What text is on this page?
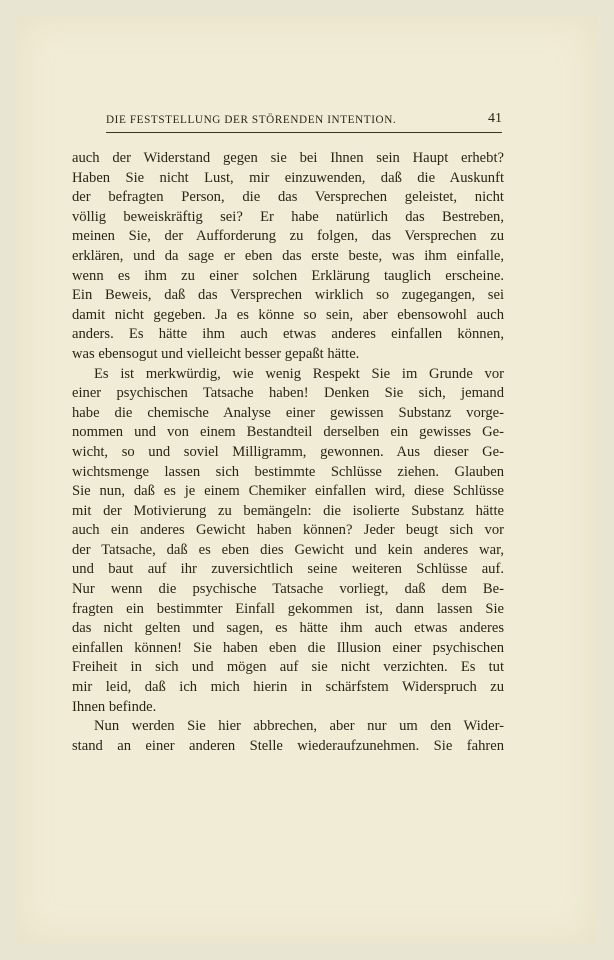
DIE FESTSTELLUNG DER STÖRENDEN INTENTION.	41
auch der Widerstand gegen sie bei Ihnen sein Haupt erhebt?
Haben Sie nicht Lust, mir einzuwenden, daß die Auskunft
der befragten Person, die das Versprechen geleistet, nicht
völlig beweiskräftig sei? Er habe natürlich das Bestreben,
meinen Sie, der Aufforderung zu folgen, das Versprechen zu
erklären, und da sage er eben das erste beste, was ihm einfalle,
wenn es ihm zu einer solchen Erklärung tauglich erscheine.
Ein Beweis, daß das Versprechen wirklich so zugegangen, sei
damit nicht gegeben. Ja es könne so sein, aber ebensowohl auch
anders. Es hätte ihm auch etwas anderes einfallen können,
was ebensogut und vielleicht besser gepaßt hätte.
Es ist merkwürdig, wie wenig Respekt Sie im Grunde vor
einer psychischen Tatsache haben! Denken Sie sich, jemand
habe die chemische Analyse einer gewissen Substanz vorge-
nommen und von einem Bestandteil derselben ein gewisses Ge-
wicht, so und soviel Milligramm, gewonnen. Aus dieser Ge-
wichtsmenge lassen sich bestimmte Schlüsse ziehen. Glauben
Sie nun, daß es je einem Chemiker einfallen wird, diese Schlüsse
mit der Motivierung zu bemängeln: die isolierte Substanz hätte
auch ein anderes Gewicht haben können? Jeder beugt sich vor
der Tatsache, daß es eben dies Gewicht und kein anderes war,
und baut auf ihr zuversichtlich seine weiteren Schlüsse auf.
Nur wenn die psychische Tatsache vorliegt, daß dem Be-
fragten ein bestimmter Einfall gekommen ist, dann lassen Sie
das nicht gelten und sagen, es hätte ihm auch etwas anderes
einfallen können! Sie haben eben die Illusion einer psychischen
Freiheit in sich und mögen auf sie nicht verzichten. Es tut
mir leid, daß ich mich hierin in schärfstem Widerspruch zu
Ihnen befinde.
Nun werden Sie hier abbrechen, aber nur um den Wider-
stand an einer anderen Stelle wiederaufzunehmen. Sie fahren
